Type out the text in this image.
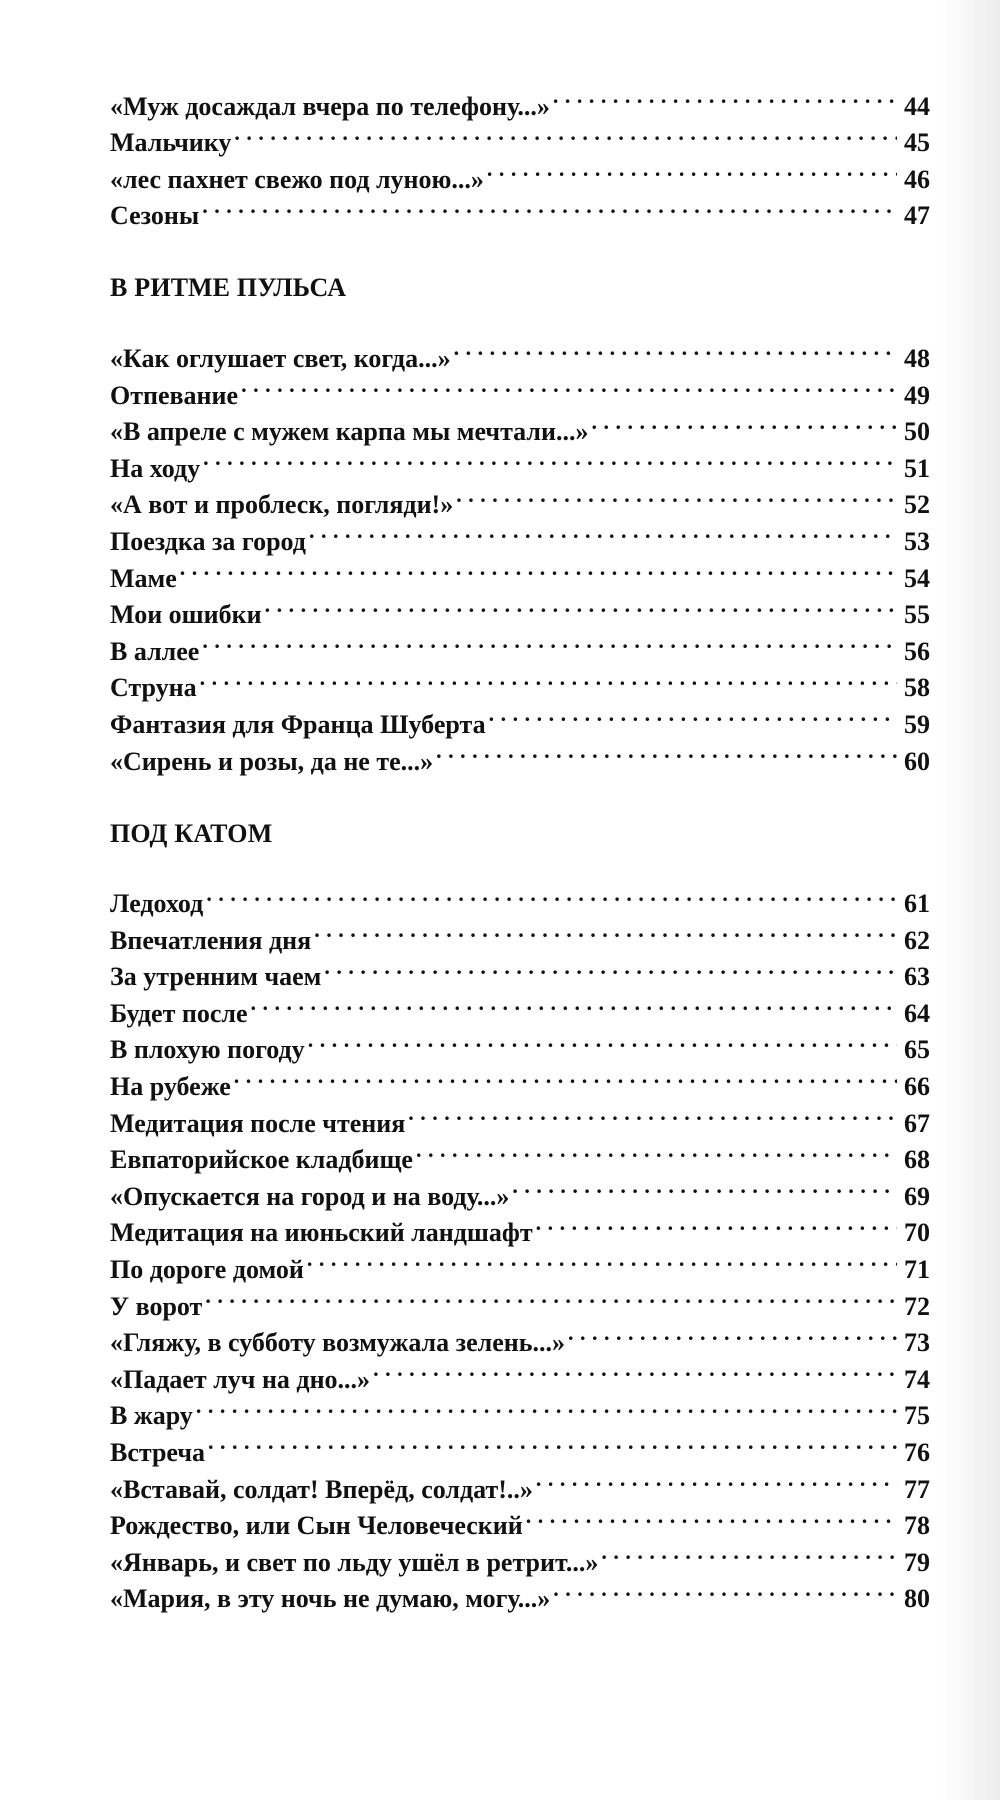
«Муж досаждал вчера по телефону...» . . .	44
Мальчику . . .	45
«лес пахнет свежо под луною...» . . .	46
Сезоны . . .	47
В РИТМЕ ПУЛЬСА
«Как оглушает свет, когда...» . . .	48
Отпевание . . .	49
«В апреле с мужем карпа мы мечтали...» . . .	50
На ходу . . .	51
«А вот и проблеск, погляди!» . . .	52
Поездка за город . . .	53
Маме . . .	54
Мои ошибки . . .	55
В аллее . . .	56
Струна . . .	58
Фантазия для Франца Шуберта . . .	59
«Сирень и розы, да не те...» . . .	60
ПОД КАТОМ
Ледоход . . .	61
Впечатления дня . . .	62
За утренним чаем . . .	63
Будет после . . .	64
В плохую погоду . . .	65
На рубеже . . .	66
Медитация после чтения . . .	67
Евпаторийское кладбище . . .	68
«Опускается на город и на воду...» . . .	69
Медитация на июньский ландшафт . . .	70
По дороге домой . . .	71
У ворот . . .	72
«Гляжу, в субботу возмужала зелень...» . . .	73
«Падает луч на дно...» . . .	74
В жару . . .	75
Встреча . . .	76
«Вставай, солдат! Вперёд, солдат!..» . . .	77
Рождество, или Сын Человеческий . . .	78
«Январь, и свет по льду ушёл в ретрит...» . . .	79
«Мария, в эту ночь не думаю, могу...» . . .	80
